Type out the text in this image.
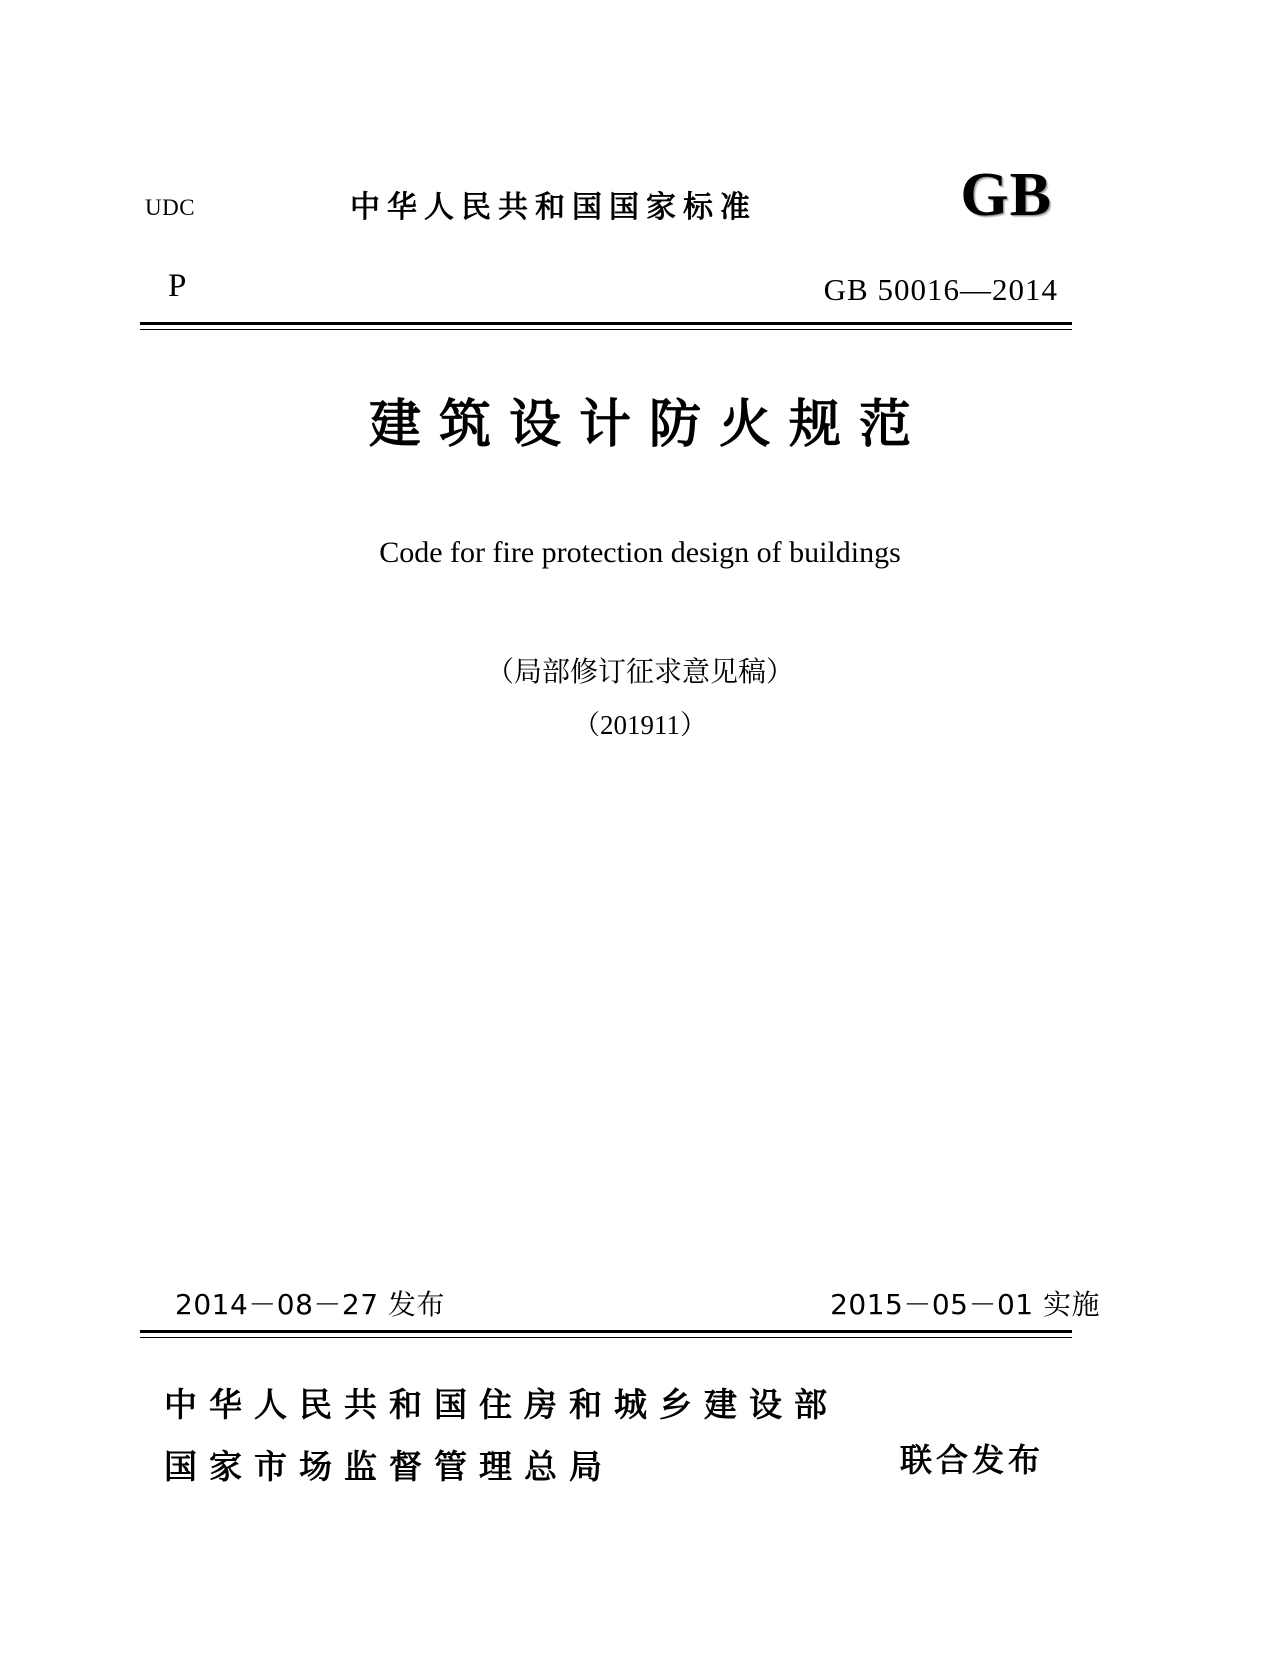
UDC	中华人民共和国国家标准	GB
P	GB 50016—2014
建筑设计防火规范
Code for fire protection design of buildings
（局部修订征求意见稿）
（201911）
2014－08－27 发布	2015－05－01 实施
中华人民共和国住房和城乡建设部
国家市场监督管理总局	联合发布
